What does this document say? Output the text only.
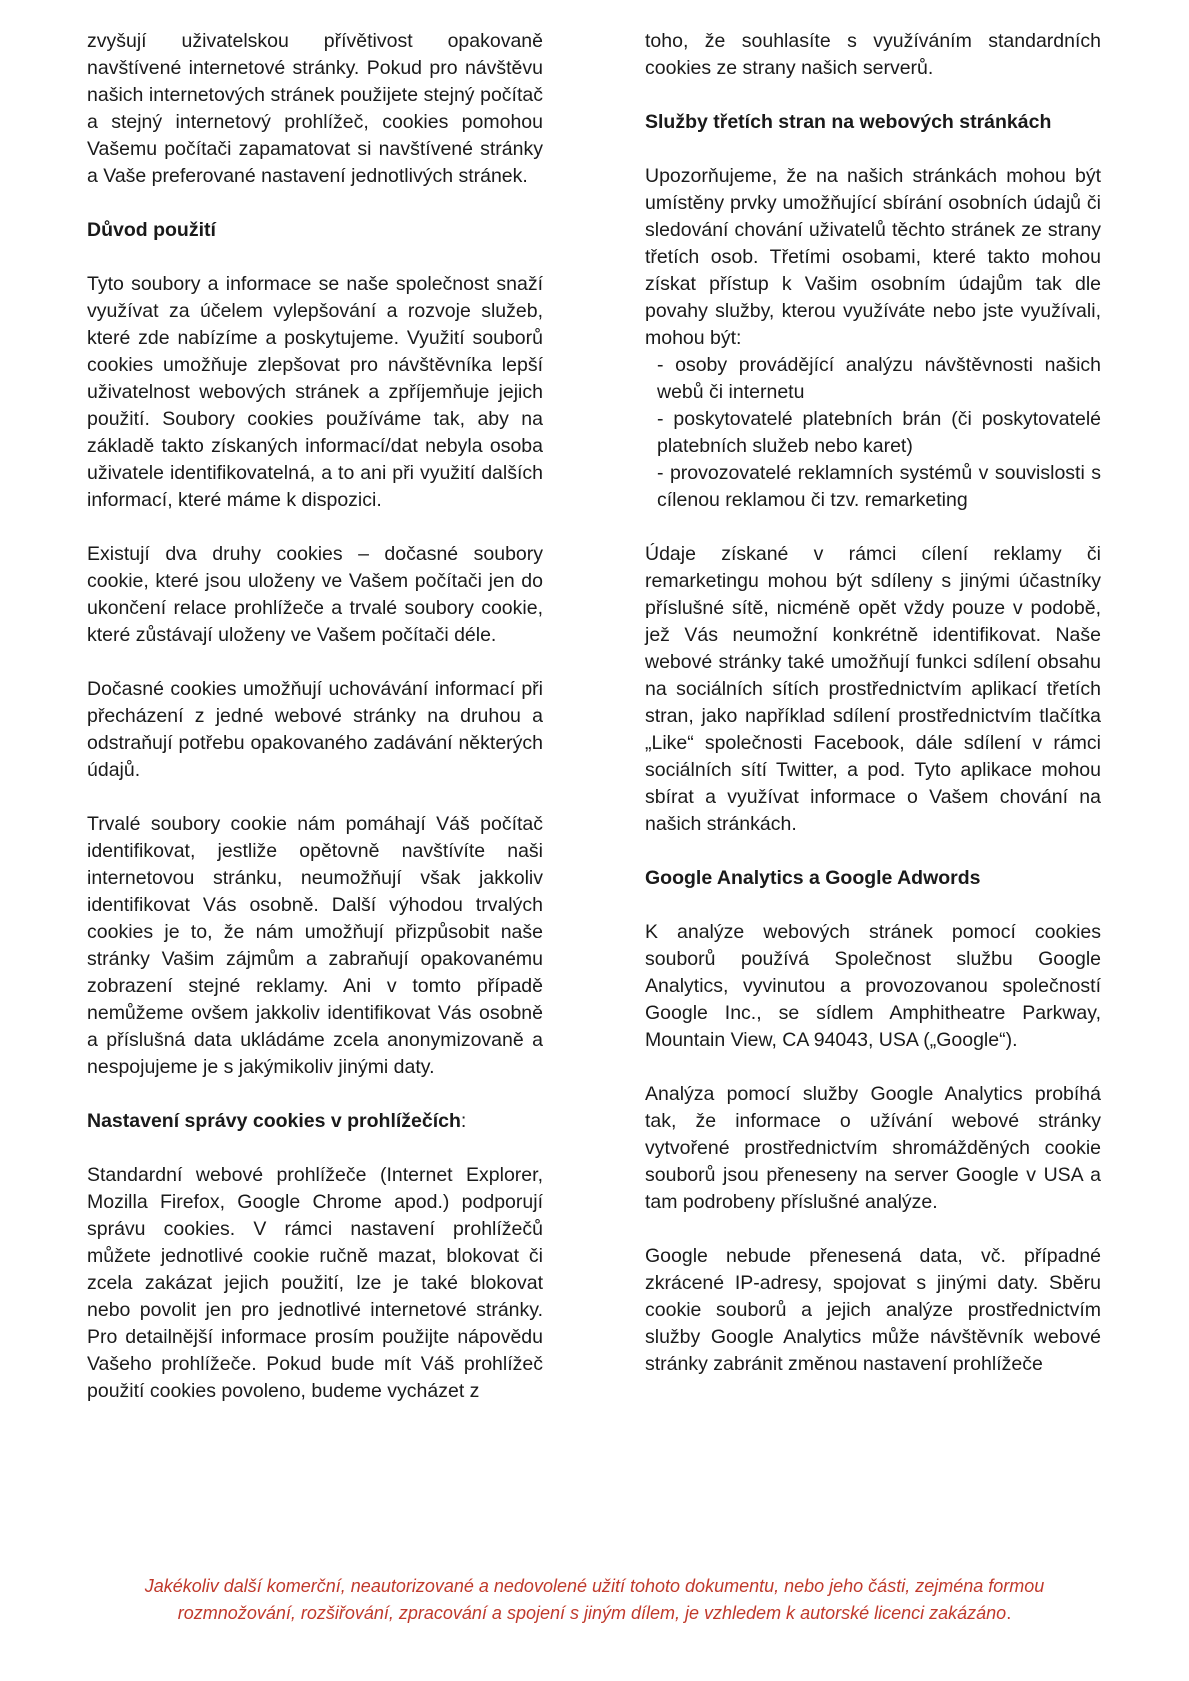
zvyšují uživatelskou přívětivost opakovaně navštívené internetové stránky. Pokud pro návštěvu našich internetových stránek použijete stejný počítač a stejný internetový prohlížeč, cookies pomohou Vašemu počítači zapamatovat si navštívené stránky a Vaše preferované nastavení jednotlivých stránek.

Důvod použití

Tyto soubory a informace se naše společnost snaží využívat za účelem vylepšování a rozvoje služeb, které zde nabízíme a poskytujeme. Využití souborů cookies umožňuje zlepšovat pro návštěvníka lepší uživatelnost webových stránek a zpříjemňuje jejich použití. Soubory cookies používáme tak, aby na základě takto získaných informací/dat nebyla osoba uživatele identifikovatelná, a to ani při využití dalších informací, které máme k dispozici.

Existují dva druhy cookies – dočasné soubory cookie, které jsou uloženy ve Vašem počítači jen do ukončení relace prohlížeče a trvalé soubory cookie, které zůstávají uloženy ve Vašem počítači déle.

Dočasné cookies umožňují uchovávání informací při přecházení z jedné webové stránky na druhou a odstraňují potřebu opakovaného zadávání některých údajů.

Trvalé soubory cookie nám pomáhají Váš počítač identifikovat, jestliže opětovně navštívíte naši internetovou stránku, neumožňují však jakkoliv identifikovat Vás osobně. Další výhodou trvalých cookies je to, že nám umožňují přizpůsobit naše stránky Vašim zájmům a zabraňují opakovanému zobrazení stejné reklamy. Ani v tomto případě nemůžeme ovšem jakkoliv identifikovat Vás osobně a příslušná data ukládáme zcela anonymizovaně a nespojujeme je s jakýmikoliv jinými daty.

Nastavení správy cookies v prohlížečích:

Standardní webové prohlížeče (Internet Explorer, Mozilla Firefox, Google Chrome apod.) podporují správu cookies. V rámci nastavení prohlížečů můžete jednotlivé cookie ručně mazat, blokovat či zcela zakázat jejich použití, lze je také blokovat nebo povolit jen pro jednotlivé internetové stránky. Pro detailnější informace prosím použijte nápovědu Vašeho prohlížeče. Pokud bude mít Váš prohlížeč použití cookies povoleno, budeme vycházet z

toho, že souhlasíte s využíváním standardních cookies ze strany našich serverů.

Služby třetích stran na webových stránkách

Upozorňujeme, že na našich stránkách mohou být umístěny prvky umožňující sbírání osobních údajů či sledování chování uživatelů těchto stránek ze strany třetích osob. Třetími osobami, které takto mohou získat přístup k Vašim osobním údajům tak dle povahy služby, kterou využíváte nebo jste využívali, mohou být:

- osoby provádějící analýzu návštěvnosti našich webů či internetu
- poskytovatelé platebních brán (či poskytovatelé platebních služeb nebo karet)
- provozovatelé reklamních systémů v souvislosti s cílenou reklamou či tzv. remarketing

Údaje získané v rámci cílení reklamy či remarketingu mohou být sdíleny s jinými účastníky příslušné sítě, nicméně opět vždy pouze v podobě, jež Vás neumožní konkrétně identifikovat. Naše webové stránky také umožňují funkci sdílení obsahu na sociálních sítích prostřednictvím aplikací třetích stran, jako například sdílení prostřednictvím tlačítka „Like“ společnosti Facebook, dále sdílení v rámci sociálních sítí Twitter, a pod. Tyto aplikace mohou sbírat a využívat informace o Vašem chování na našich stránkách.

Google Analytics a Google Adwords

K analýze webových stránek pomocí cookies souborů používá Společnost službu Google Analytics, vyvinutou a provozovanou společností Google Inc., se sídlem Amphitheatre Parkway, Mountain View, CA 94043, USA („Google“).

Analýza pomocí služby Google Analytics probíhá tak, že informace o užívání webové stránky vytvořené prostřednictvím shromážděných cookie souborů jsou přeneseny na server Google v USA a tam podrobeny příslušné analýze.

Google nebude přenesená data, vč. případné zkrácené IP-adresy, spojovat s jinými daty. Sběru cookie souborů a jejich analýze prostřednictvím služby Google Analytics může návštěvník webové stránky zabránit změnou nastavení prohlížeče

Jakékoliv další komerční, neautorizované a nedovolené užití tohoto dokumentu, nebo jeho části, zejména formou
rozmnožování, rozšiřování, zpracování a spojení s jiným dílem, je vzhledem k autorské licenci zakázáno.
